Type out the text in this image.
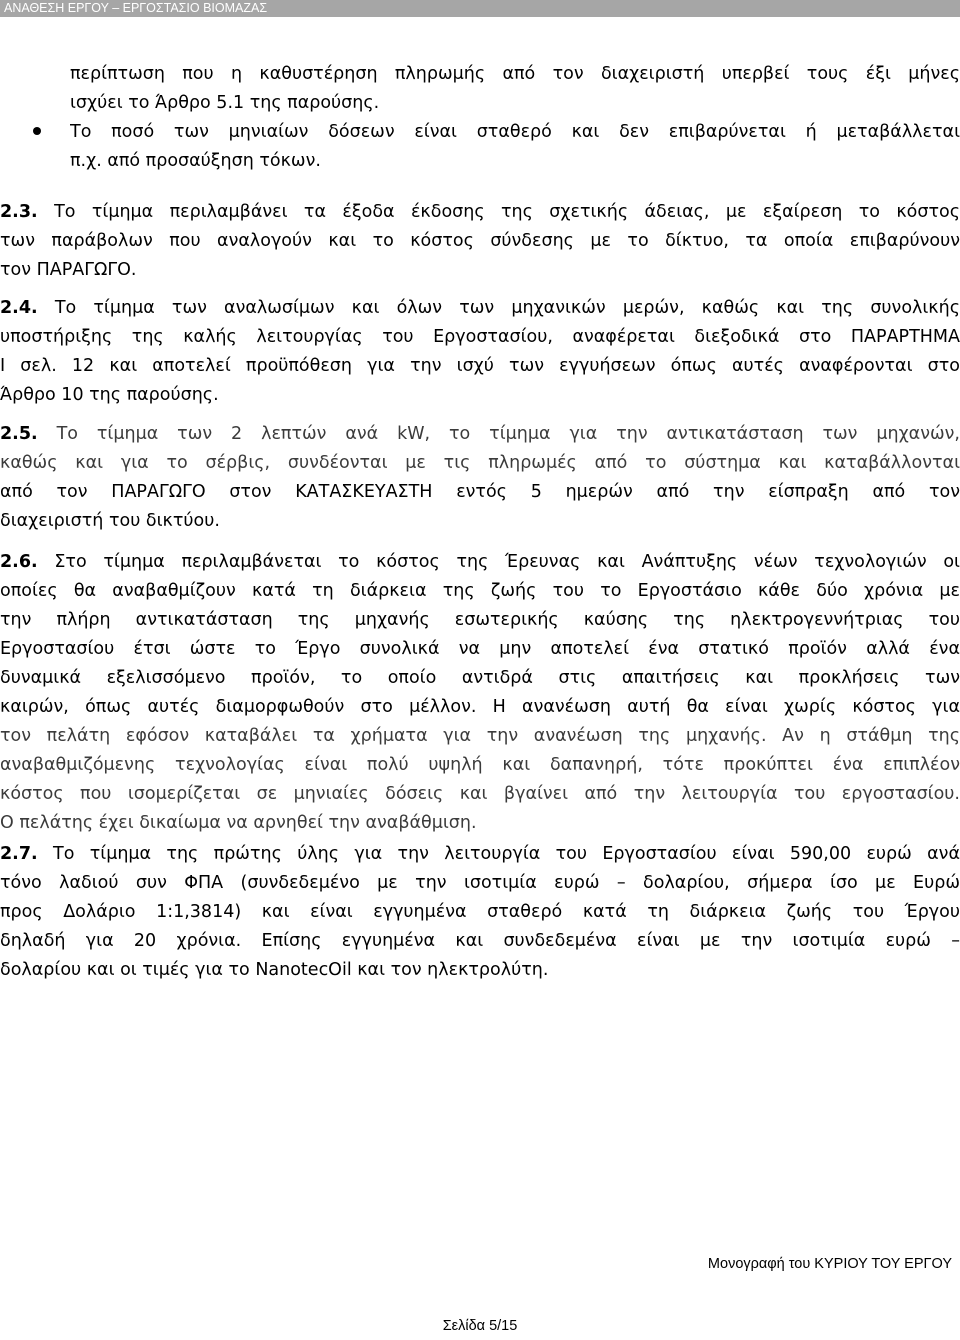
ΑΝΑΘΕΣΗ ΕΡΓΟΥ – ΕΡΓΟΣΤΑΣΙΟ ΒΙΟΜΑΖΑΣ
περίπτωση που η καθυστέρηση πληρωμής από τον διαχειριστή υπερβεί τους έξι μήνες
ισχύει το Άρθρο 5.1 της παρούσης.
Το ποσό των μηνιαίων δόσεων είναι σταθερό και δεν επιβαρύνεται ή μεταβάλλεται
π.χ. από προσαύξηση τόκων.
2.3. Το τίμημα περιλαμβάνει τα έξοδα έκδοσης της σχετικής άδειας, με εξαίρεση το κόστος
των παράβολων που αναλογούν και το κόστος σύνδεσης με το δίκτυο, τα οποία επιβαρύνουν
τον ΠΑΡΑΓΩΓΟ.
2.4. Το τίμημα των αναλωσίμων και όλων των μηχανικών μερών, καθώς και της συνολικής
υποστήριξης της καλής λειτουργίας του Εργοστασίου, αναφέρεται διεξοδικά στο ΠΑΡΑΡΤΗΜΑ
Ι σελ. 12 και αποτελεί προϋπόθεση για την ισχύ των εγγυήσεων όπως αυτές αναφέρονται στο
Άρθρο 10 της παρούσης.
2.5. Το τίμημα των 2 λεπτών ανά kW, το τίμημα για την αντικατάσταση των μηχανών,
καθώς και για το σέρβις, συνδέονται με τις πληρωμές από το σύστημα και καταβάλλονται
από τον ΠΑΡΑΓΩΓΟ στον ΚΑΤΑΣΚΕΥΑΣΤΗ εντός 5 ημερών από την είσπραξη από τον
διαχειριστή του δικτύου.
2.6. Στο τίμημα περιλαμβάνεται το κόστος της Έρευνας και Ανάπτυξης νέων τεχνολογιών οι
οποίες θα αναβαθμίζουν κατά τη διάρκεια της ζωής του το Εργοστάσιο κάθε δύο χρόνια με
την πλήρη αντικατάσταση της μηχανής εσωτερικής καύσης της ηλεκτρογεννήτριας του
Εργοστασίου έτσι ώστε το Έργο συνολικά να μην αποτελεί ένα στατικό προϊόν αλλά ένα
δυναμικά εξελισσόμενο προϊόν, το οποίο αντιδρά στις απαιτήσεις και προκλήσεις των
καιρών, όπως αυτές διαμορφωθούν στο μέλλον. Η ανανέωση αυτή θα είναι χωρίς κόστος για
τον πελάτη εφόσον καταβάλει τα χρήματα για την ανανέωση της μηχανής. Αν η στάθμη της
αναβαθμιζόμενης τεχνολογίας είναι πολύ υψηλή και δαπανηρή, τότε προκύπτει ένα επιπλέον
κόστος που ισομερίζεται σε μηνιαίες δόσεις και βγαίνει από την λειτουργία του εργοστασίου.
Ο πελάτης έχει δικαίωμα να αρνηθεί την αναβάθμιση.
2.7. Το τίμημα της πρώτης ύλης για την λειτουργία του Εργοστασίου είναι 590,00 ευρώ ανά
τόνο λαδιού συν ΦΠΑ (συνδεδεμένο με την ισοτιμία ευρώ – δολαρίου, σήμερα ίσο με Ευρώ
προς Δολάριο 1:1,3814) και είναι εγγυημένα σταθερό κατά τη διάρκεια ζωής του Έργου
δηλαδή για 20 χρόνια. Επίσης εγγυημένα και συνδεδεμένα είναι με την ισοτιμία ευρώ –
δολαρίου και οι τιμές για το NanotecOil και τον ηλεκτρολύτη.
Μονογραφή του ΚΥΡΙΟΥ ΤΟΥ ΕΡΓΟΥ
Σελίδα 5/15
